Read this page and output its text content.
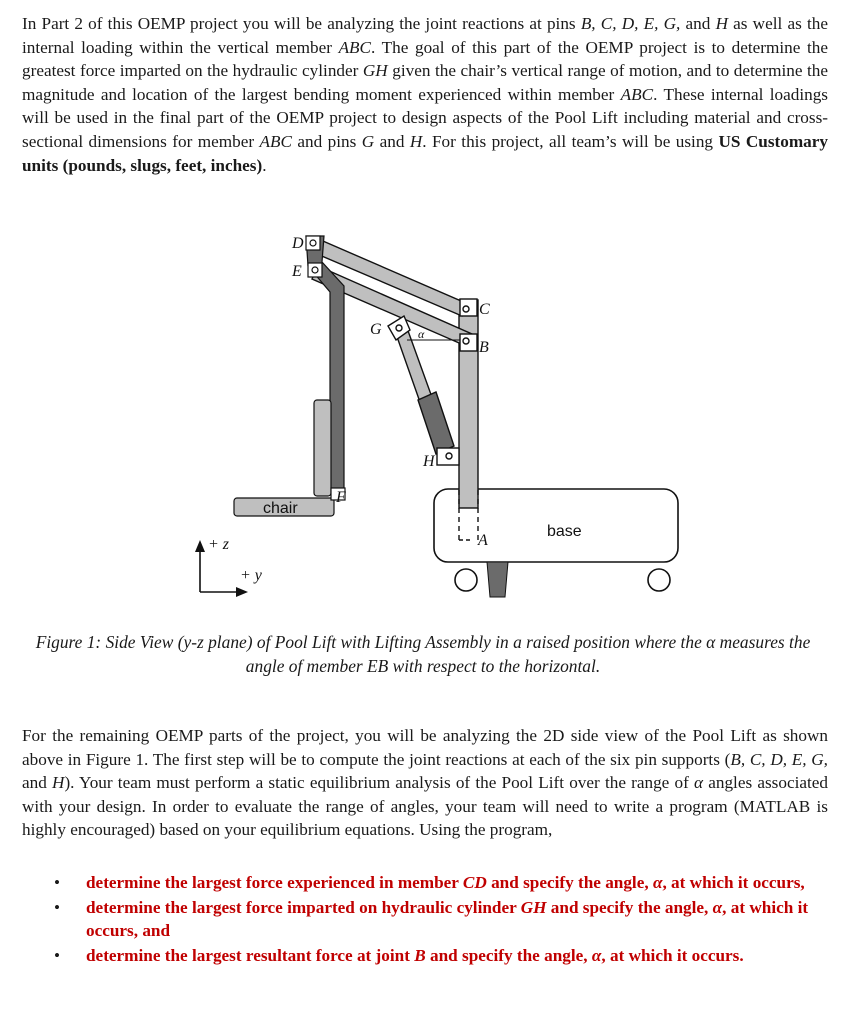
In Part 2 of this OEMP project you will be analyzing the joint reactions at pins B, C, D, E, G, and H as well as the internal loading within the vertical member ABC. The goal of this part of the OEMP project is to determine the greatest force imparted on the hydraulic cylinder GH given the chair’s vertical range of motion, and to determine the magnitude and location of the largest bending moment experienced within member ABC. These internal loadings will be used in the final part of the OEMP project to design aspects of the Pool Lift including material and cross-sectional dimensions for member ABC and pins G and H. For this project, all team’s will be using US Customary units (pounds, slugs, feet, inches).

D
E
C
G	α
B
H
F
A
chair
base
+ z
+ y

Figure 1: Side View (y-z plane) of Pool Lift with Lifting Assembly in a raised position where the α measures the angle of member EB with respect to the horizontal.

For the remaining OEMP parts of the project, you will be analyzing the 2D side view of the Pool Lift as shown above in Figure 1. The first step will be to compute the joint reactions at each of the six pin supports (B, C, D, E, G, and H). Your team must perform a static equilibrium analysis of the Pool Lift over the range of α angles associated with your design. In order to evaluate the range of angles, your team will need to write a program (MATLAB is highly encouraged) based on your equilibrium equations. Using the program,

• determine the largest force experienced in member CD and specify the angle, α, at which it occurs,
• determine the largest force imparted on hydraulic cylinder GH and specify the angle, α, at which it occurs, and
• determine the largest resultant force at joint B and specify the angle, α, at which it occurs.
